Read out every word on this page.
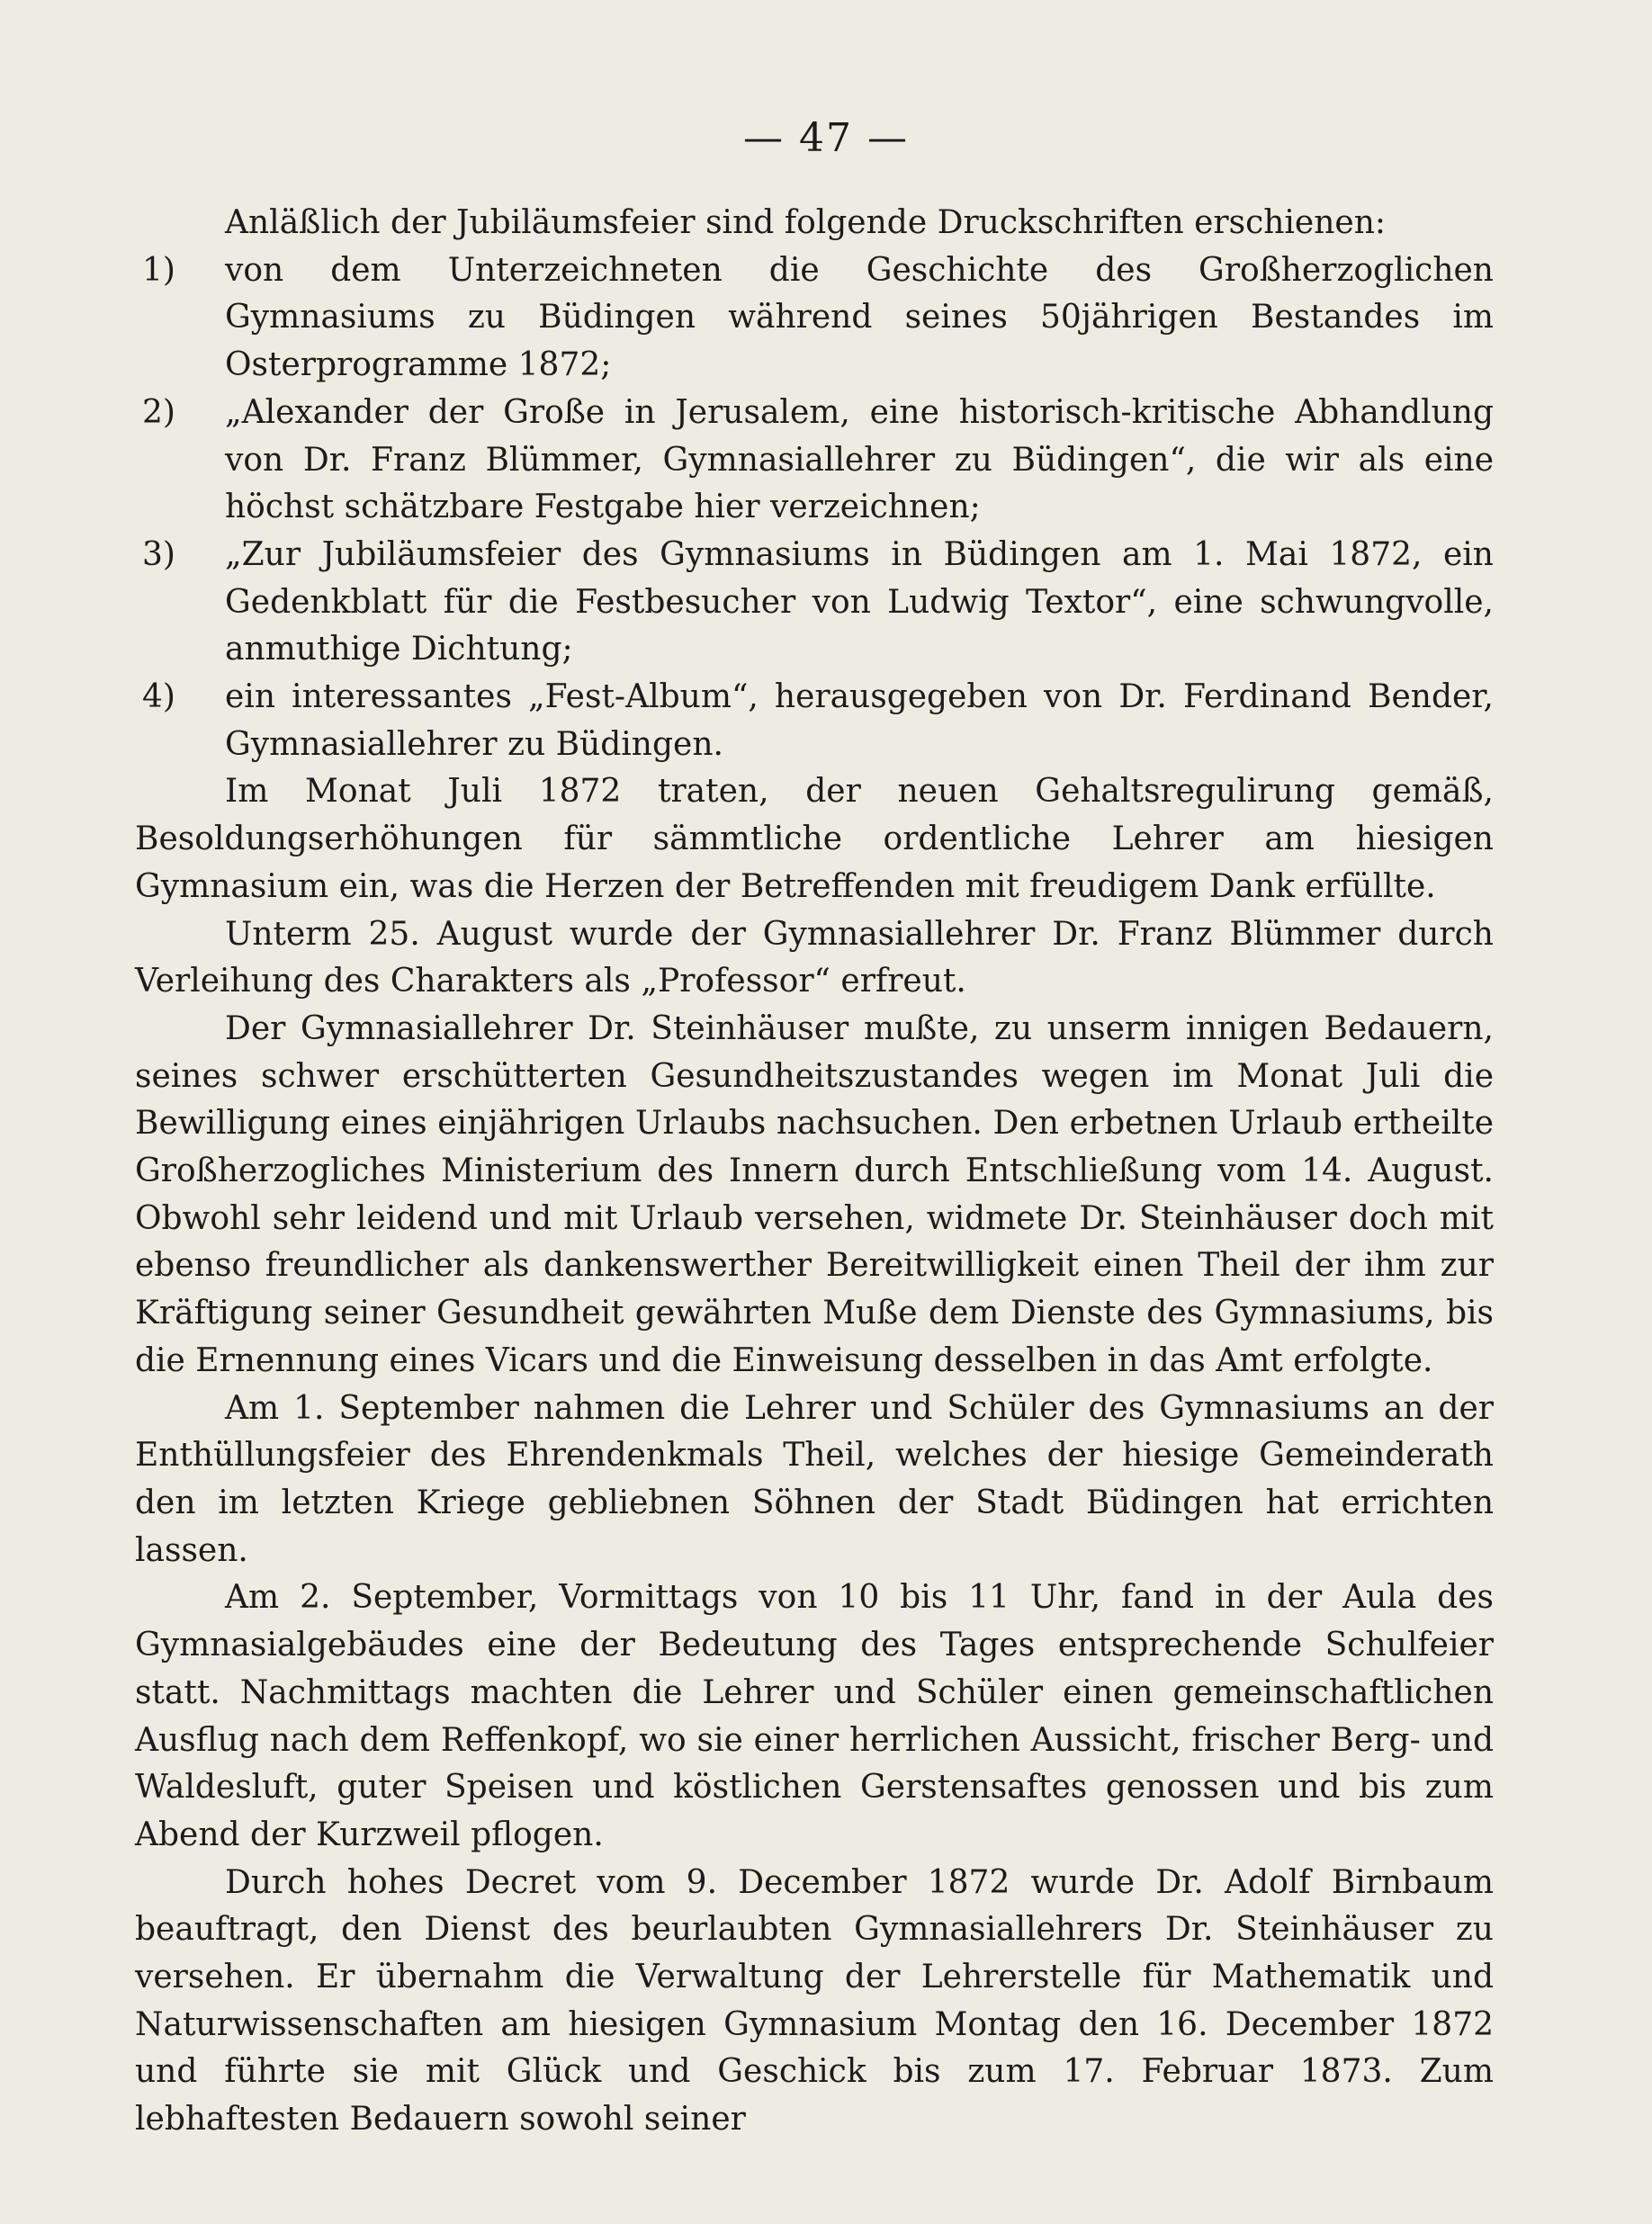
— 47 —

Anläßlich der Jubiläumsfeier sind folgende Druckschriften erschienen:

1) von dem Unterzeichneten die Geschichte des Großherzoglichen Gymnasiums zu Büdingen während seines 50jährigen Bestandes im Osterprogramme 1872;

2) „Alexander der Große in Jerusalem, eine historisch-kritische Abhandlung von Dr. Franz Blümmer, Gymnasiallehrer zu Büdingen“, die wir als eine höchst schätzbare Festgabe hier verzeichnen;

3) „Zur Jubiläumsfeier des Gymnasiums in Büdingen am 1. Mai 1872, ein Gedenkblatt für die Festbesucher von Ludwig Textor“, eine schwungvolle, anmuthige Dichtung;

4) ein interessantes „Fest-Album“, herausgegeben von Dr. Ferdinand Bender, Gymnasiallehrer zu Büdingen.

Im Monat Juli 1872 traten, der neuen Gehaltsregulirung gemäß, Besoldungserhöhungen für sämmtliche ordentliche Lehrer am hiesigen Gymnasium ein, was die Herzen der Betreffenden mit freudigem Dank erfüllte.

Unterm 25. August wurde der Gymnasiallehrer Dr. Franz Blümmer durch Verleihung des Charakters als „Professor“ erfreut.

Der Gymnasiallehrer Dr. Steinhäuser mußte, zu unserm innigen Bedauern, seines schwer erschütterten Gesundheitszustandes wegen im Monat Juli die Bewilligung eines einjährigen Urlaubs nachsuchen. Den erbetnen Urlaub ertheilte Großherzogliches Ministerium des Innern durch Entschließung vom 14. August. Obwohl sehr leidend und mit Urlaub versehen, widmete Dr. Steinhäuser doch mit ebenso freundlicher als dankenswerther Bereitwilligkeit einen Theil der ihm zur Kräftigung seiner Gesundheit gewährten Muße dem Dienste des Gymnasiums, bis die Ernennung eines Vicars und die Einweisung desselben in das Amt erfolgte.

Am 1. September nahmen die Lehrer und Schüler des Gymnasiums an der Enthüllungsfeier des Ehrendenkmals Theil, welches der hiesige Gemeinderath den im letzten Kriege gebliebnen Söhnen der Stadt Büdingen hat errichten lassen.

Am 2. September, Vormittags von 10 bis 11 Uhr, fand in der Aula des Gymnasialgebäudes eine der Bedeutung des Tages entsprechende Schulfeier statt. Nachmittags machten die Lehrer und Schüler einen gemeinschaftlichen Ausflug nach dem Reffenkopf, wo sie einer herrlichen Aussicht, frischer Berg- und Waldesluft, guter Speisen und köstlichen Gerstensaftes genossen und bis zum Abend der Kurzweil pflogen.

Durch hohes Decret vom 9. December 1872 wurde Dr. Adolf Birnbaum beauftragt, den Dienst des beurlaubten Gymnasiallehrers Dr. Steinhäuser zu versehen. Er übernahm die Verwaltung der Lehrerstelle für Mathematik und Naturwissenschaften am hiesigen Gymnasium Montag den 16. December 1872 und führte sie mit Glück und Geschick bis zum 17. Februar 1873. Zum lebhaftesten Bedauern sowohl seiner
